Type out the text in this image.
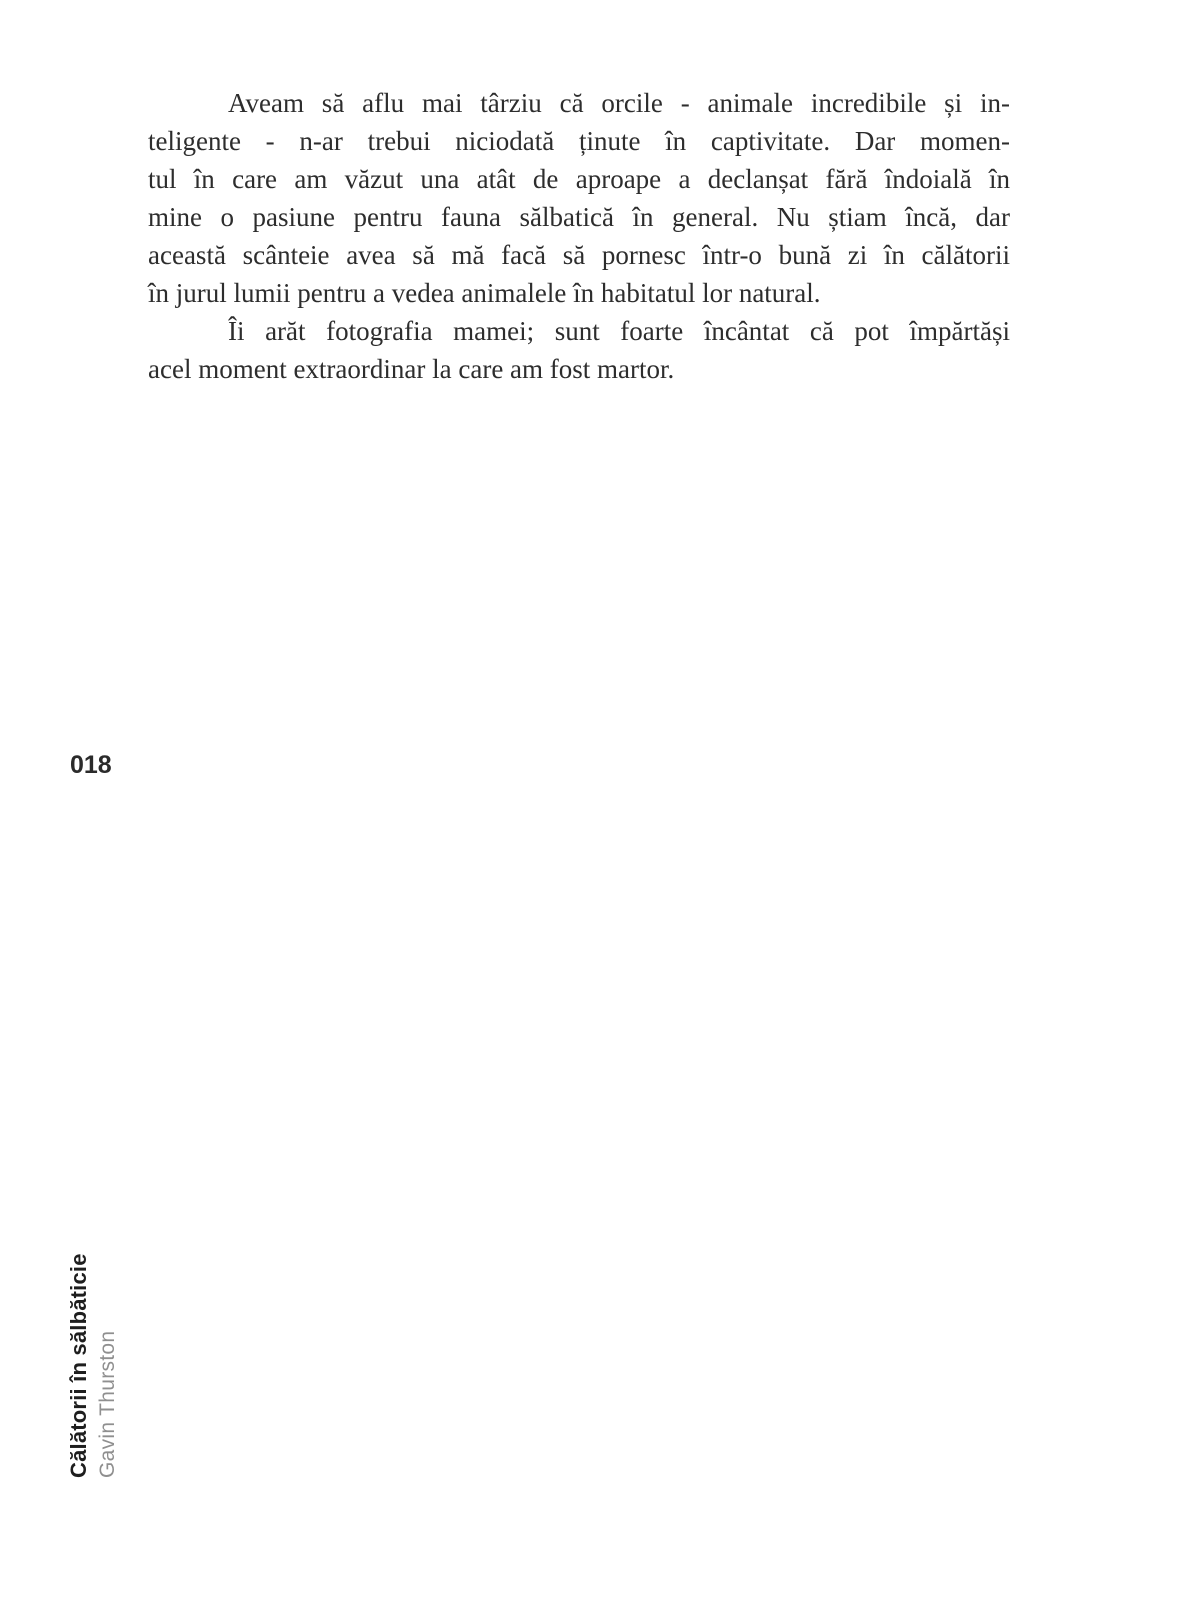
Aveam să aflu mai târziu că orcile - animale incredibile și in-
teligente - n-ar trebui niciodată ținute în captivitate. Dar momen-
tul în care am văzut una atât de aproape a declanșat fără îndoială în
mine o pasiune pentru fauna sălbatică în general. Nu știam încă, dar
această scânteie avea să mă facă să pornesc într-o bună zi în călătorii
în jurul lumii pentru a vedea animalele în habitatul lor natural.
Îi arăt fotografia mamei; sunt foarte încântat că pot împărtăși
acel moment extraordinar la care am fost martor.
018
Călătorii în sălbăticie Gavin Thurston
